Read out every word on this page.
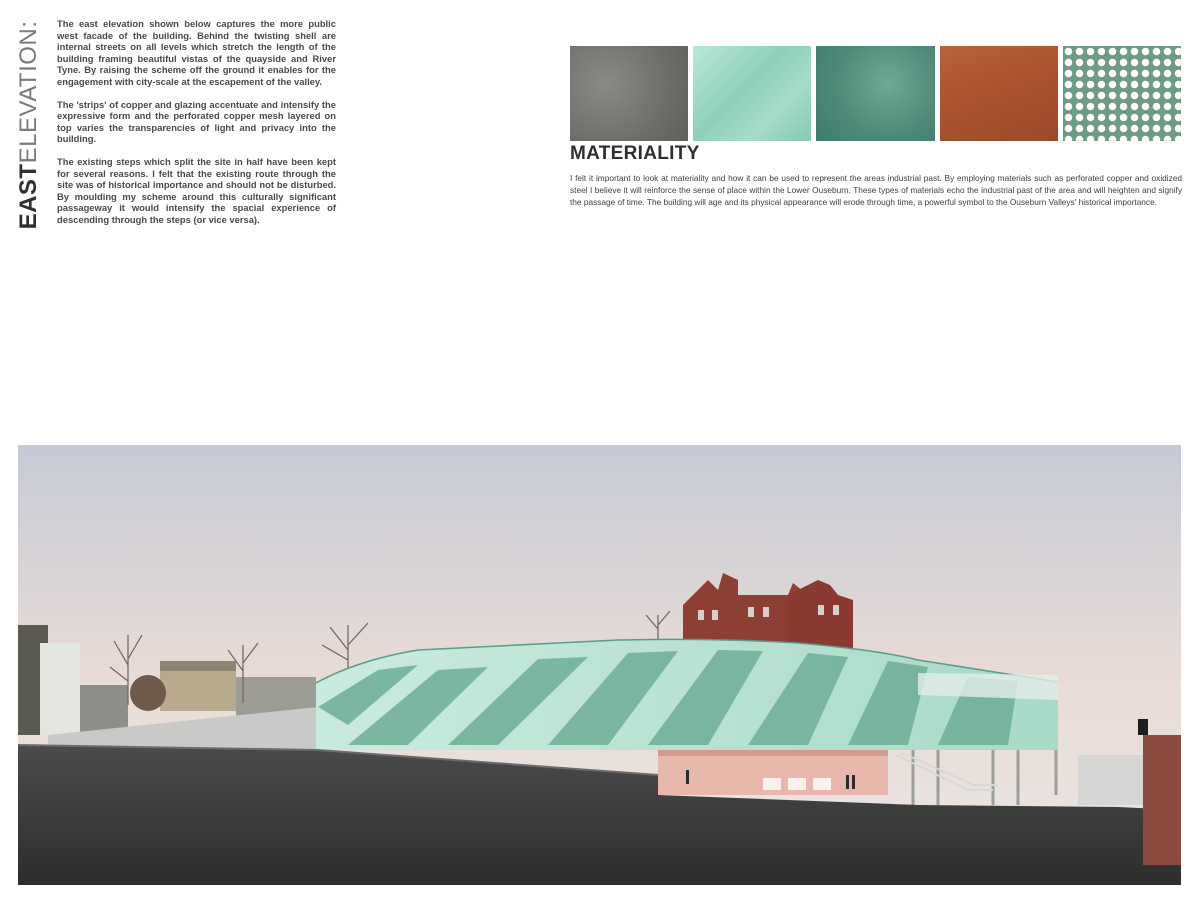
EASTELEVATION: The east elevation shown below captures the more public west facade of the building. Behind the twisting shell are internal streets on all levels which stretch the length of the building framing beautiful vistas of the quayside and River Tyne. By raising the scheme off the ground it enables for the engagement with city-scale at the escapement of the valley.

The 'strips' of copper and glazing accentuate and intensify the expressive form and the perforated copper mesh layered on top varies the transparencies of light and privacy into the building.

The existing steps which split the site in half have been kept for several reasons. I felt that the existing route through the site was of historical importance and should not be disturbed. By moulding my scheme around this culturally significant passageway it would intensify the spacial experience of descending through the steps (or vice versa).

MATERIALITY

I felt it important to look at materiality and how it can be used to represent the areas industrial past. By employing materials such as perforated copper and oxidized steel I believe it will reinforce the sense of place within the Lower Ouseburn. These types of materials echo the industrial past of the area and will heighten and signify the passage of time. The building will age and its physical appearance will erode through time, a powerful symbol to the Ouseburn Valleys' historical importance.
